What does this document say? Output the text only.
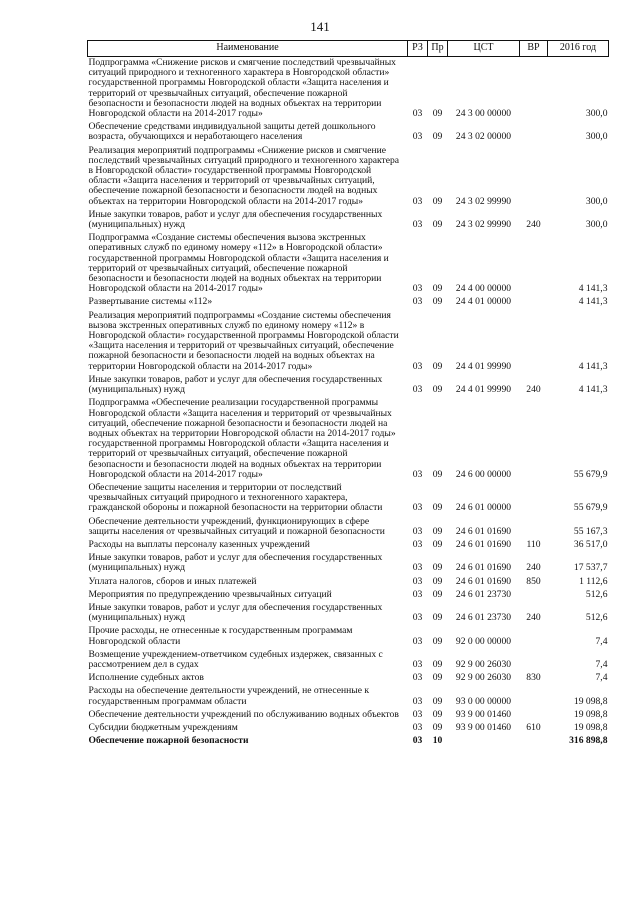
141
Наименование	РЗ	Пр	ЦСТ	ВР	2016 год
Подпрограмма «Снижение рисков и смягчение последствий чрезвычайных ситуаций природного и техногенного характера в Новгородской области» государственной программы Новгородской области «Защита населения и территорий от чрезвычайных ситуаций, обеспечение пожарной безопасности и безопасности людей на водных объектах на территории Новгородской области на 2014-2017 годы»	03	09	24 3 00 00000		300,0
Обеспечение средствами индивидуальной защиты детей дошкольного возраста, обучающихся и неработающего населения	03	09	24 3 02 00000		300,0
Реализация мероприятий подпрограммы «Снижение рисков и смягчение последствий чрезвычайных ситуаций природного и техногенного характера в Новгородской области» государственной программы Новгородской области «Защита населения и территорий от чрезвычайных ситуаций, обеспечение пожарной безопасности и безопасности людей на водных объектах на территории Новгородской области на 2014-2017 годы»	03	09	24 3 02 99990		300,0
Иные закупки товаров, работ и услуг для обеспечения государственных (муниципальных) нужд	03	09	24 3 02 99990	240	300,0
Подпрограмма «Создание системы обеспечения вызова экстренных оперативных служб по единому номеру «112» в Новгородской области» государственной программы Новгородской области «Защита населения и территорий от чрезвычайных ситуаций, обеспечение пожарной безопасности и безопасности людей на водных объектах на территории Новгородской области на 2014-2017 годы»	03	09	24 4 00 00000		4 141,3
Развертывание системы «112»	03	09	24 4 01 00000		4 141,3
Реализация мероприятий подпрограммы «Создание системы обеспечения вызова экстренных оперативных служб по единому номеру «112» в Новгородской области» государственной программы Новгородской области «Защита населения и территорий от чрезвычайных ситуаций, обеспечение пожарной безопасности и безопасности людей на водных объектах на территории Новгородской области на 2014-2017 годы»	03	09	24 4 01 99990		4 141,3
Иные закупки товаров, работ и услуг для обеспечения государственных (муниципальных) нужд	03	09	24 4 01 99990	240	4 141,3
Подпрограмма «Обеспечение реализации государственной программы Новгородской области «Защита населения и территорий от чрезвычайных ситуаций, обеспечение пожарной безопасности и безопасности людей на водных объектах на территории Новгородской области на 2014-2017 годы» государственной программы Новгородской области «Защита населения и территорий от чрезвычайных ситуаций, обеспечение пожарной безопасности и безопасности людей на водных объектах на территории Новгородской области на 2014-2017 годы»	03	09	24 6 00 00000		55 679,9
Обеспечение защиты населения и территории от последствий чрезвычайных ситуаций природного и техногенного характера, гражданской обороны и пожарной безопасности на территории области	03	09	24 6 01 00000		55 679,9
Обеспечение деятельности учреждений, функционирующих в сфере защиты населения от чрезвычайных ситуаций и пожарной безопасности	03	09	24 6 01 01690		55 167,3
Расходы на выплаты персоналу казенных учреждений	03	09	24 6 01 01690	110	36 517,0
Иные закупки товаров, работ и услуг для обеспечения государственных (муниципальных) нужд	03	09	24 6 01 01690	240	17 537,7
Уплата налогов, сборов и иных платежей	03	09	24 6 01 01690	850	1 112,6
Мероприятия по предупреждению чрезвычайных ситуаций	03	09	24 6 01 23730		512,6
Иные закупки товаров, работ и услуг для обеспечения государственных (муниципальных) нужд	03	09	24 6 01 23730	240	512,6
Прочие расходы, не отнесенные к государственным программам Новгородской области	03	09	92 0 00 00000		7,4
Возмещение учреждением-ответчиком судебных издержек, связанных с рассмотрением дел в судах	03	09	92 9 00 26030		7,4
Исполнение судебных актов	03	09	92 9 00 26030	830	7,4
Расходы на обеспечение деятельности учреждений, не отнесенные к государственным программам области	03	09	93 0 00 00000		19 098,8
Обеспечение деятельности учреждений по обслуживанию водных объектов	03	09	93 9 00 01460		19 098,8
Субсидии бюджетным учреждениям	03	09	93 9 00 01460	610	19 098,8
Обеспечение пожарной безопасности	03	10			316 898,8
